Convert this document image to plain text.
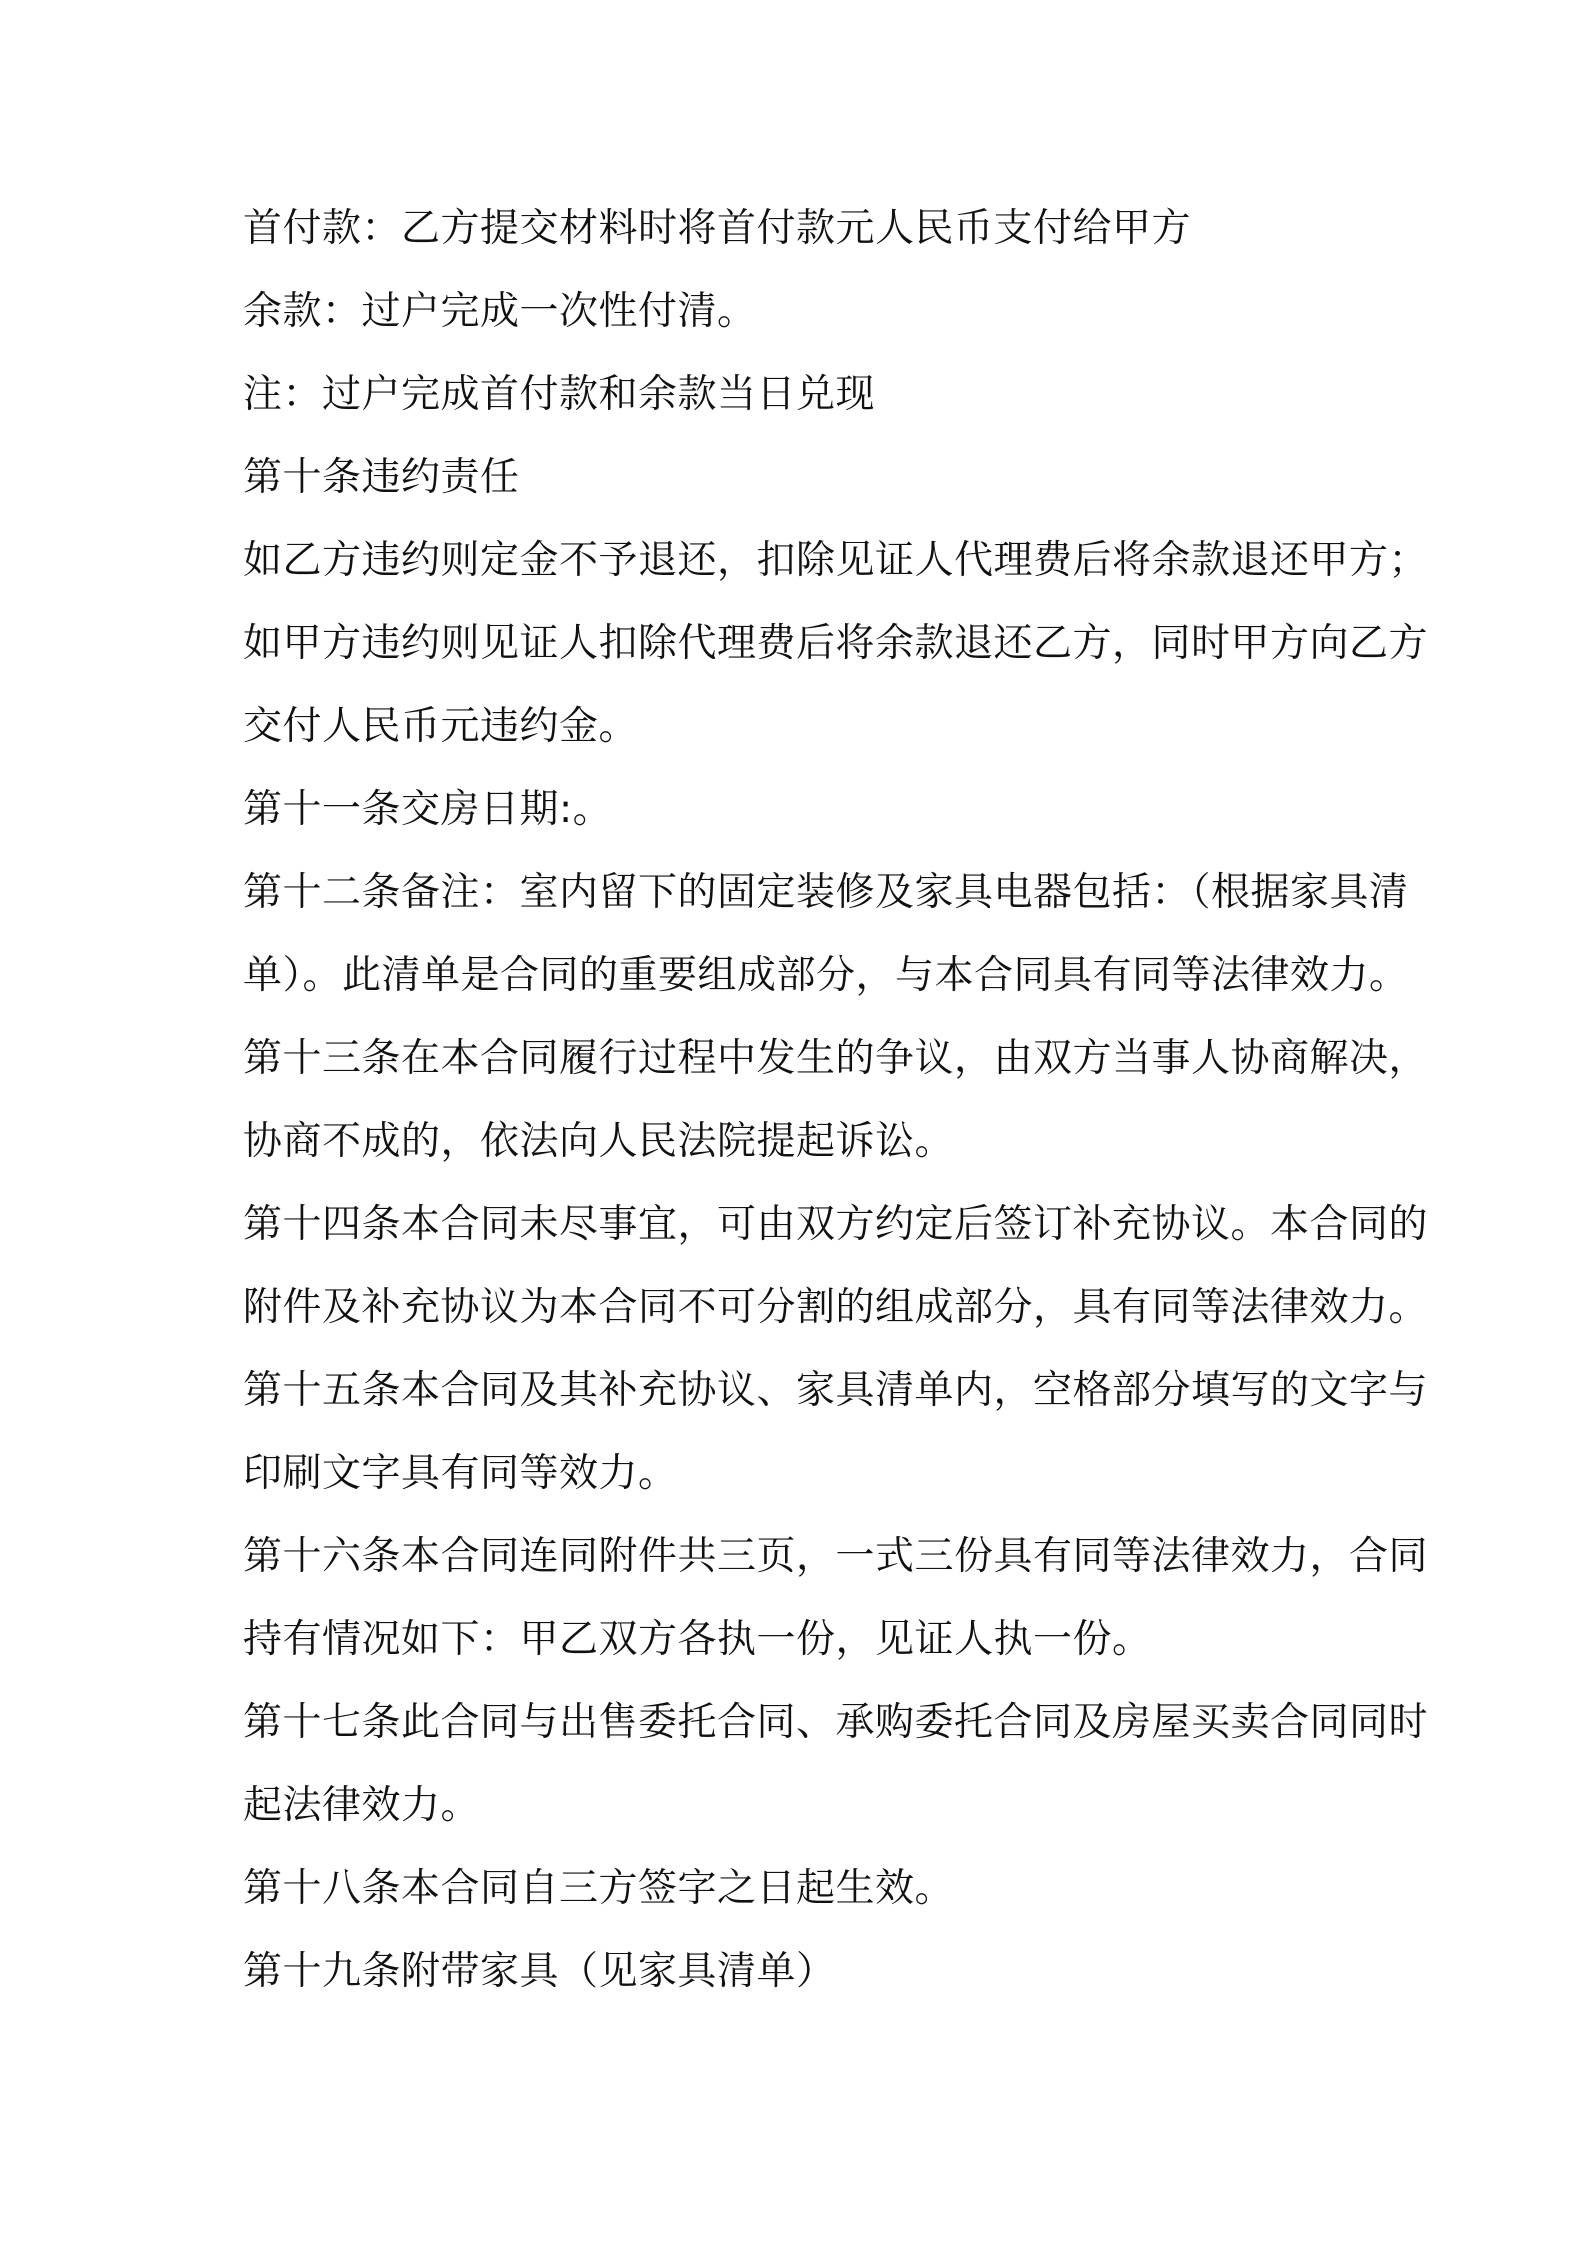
首付款：乙方提交材料时将首付款元人民币支付给甲方

余款：过户完成一次性付清。

注：过户完成首付款和余款当日兑现

第十条违约责任

如乙方违约则定金不予退还，扣除见证人代理费后将余款退还甲方；

如甲方违约则见证人扣除代理费后将余款退还乙方，同时甲方向乙方

交付人民币元违约金。

第十一条交房日期:。

第十二条备注：室内留下的固定装修及家具电器包括：（根据家具清

单）。此清单是合同的重要组成部分，与本合同具有同等法律效力。

第十三条在本合同履行过程中发生的争议，由双方当事人协商解决，

协商不成的，依法向人民法院提起诉讼。

第十四条本合同未尽事宜，可由双方约定后签订补充协议。本合同的

附件及补充协议为本合同不可分割的组成部分，具有同等法律效力。

第十五条本合同及其补充协议、家具清单内，空格部分填写的文字与

印刷文字具有同等效力。

第十六条本合同连同附件共三页，一式三份具有同等法律效力，合同

持有情况如下：甲乙双方各执一份，见证人执一份。

第十七条此合同与出售委托合同、承购委托合同及房屋买卖合同同时

起法律效力。

第十八条本合同自三方签字之日起生效。

第十九条附带家具（见家具清单）
